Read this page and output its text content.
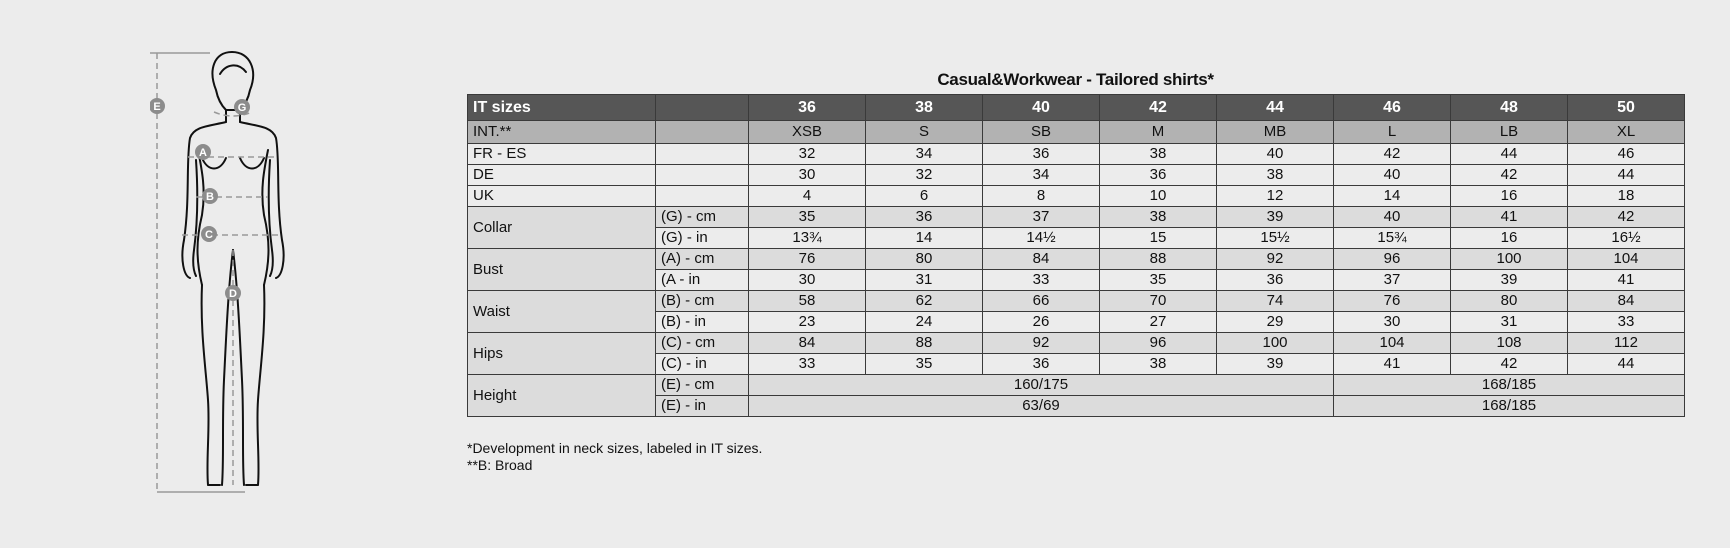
E	G
A
B
C
D
Casual&Workwear - Tailored shirts*
IT sizes		36	38	40	42	44	46	48	50
INT.**		XSB	S	SB	M	MB	L	LB	XL
FR - ES		32	34	36	38	40	42	44	46
DE		30	32	34	36	38	40	42	44
UK		4	6	8	10	12	14	16	18
Collar	(G) - cm	35	36	37	38	39	40	41	42
	(G) - in	13¾	14	14½	15	15½	15¾	16	16½
Bust	(A) - cm	76	80	84	88	92	96	100	104
	(A - in	30	31	33	35	36	37	39	41
Waist	(B) - cm	58	62	66	70	74	76	80	84
	(B) - in	23	24	26	27	29	30	31	33
Hips	(C) - cm	84	88	92	96	100	104	108	112
	(C) - in	33	35	36	38	39	41	42	44
Height	(E) - cm	160/175					168/185		
	(E) - in	63/69					168/185		
*Development in neck sizes, labeled in IT sizes.
**B: Broad
